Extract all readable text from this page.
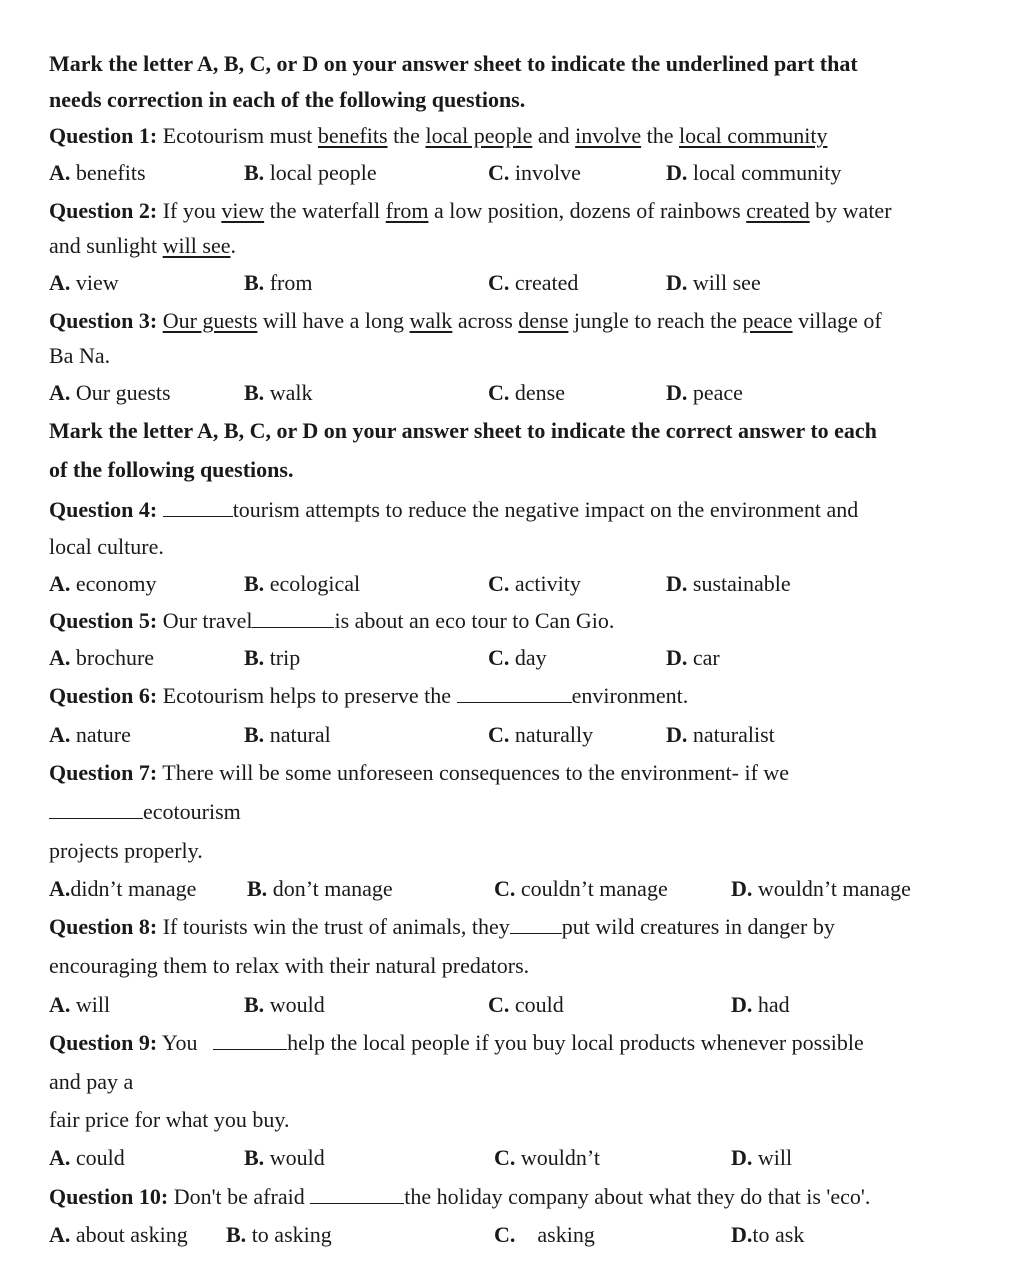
Mark the letter A, B, C, or D on your answer sheet to indicate the underlined part that
needs correction in each of the following questions.
Question 1: Ecotourism must benefits the local people and involve the local community
A. benefits	B. local people	C. involve	D. local community
Question 2: If you view the waterfall from a low position, dozens of rainbows created by water
and sunlight will see.
A. view	B. from	C. created	D. will see
Question 3: Our guests will have a long walk across dense jungle to reach the peace village of
Ba Na.
A. Our guests	B. walk	C. dense	D. peace
Mark the letter A, B, C, or D on your answer sheet to indicate the correct answer to each
of the following questions.
Question 4:	tourism attempts to reduce the negative impact on the environment and
local culture.
A. economy	B. ecological	C. activity	D. sustainable
Question 5: Our travel	is about an eco tour to Can Gio.
A. brochure	B. trip	C. day	D. car
Question 6: Ecotourism helps to preserve the	environment.
A. nature	B. natural	C. naturally	D. naturalist
Question 7: There will be some unforeseen consequences to the environment- if we
ecotourism
projects properly.
A.didn’t manage B. don’t manage	C. couldn’t manage	D. wouldn’t manage
Question 8: If tourists win the trust of animals, they put wild creatures in danger by
encouraging them to relax with their natural predators.
A. will	B. would	C. could	D. had
Question 9: You	help the local people if you buy local products whenever possible
and pay a
fair price for what you buy.
A. could	B. would	C. wouldn’t	D. will
Question 10: Don't be afraid	the holiday company about what they do that is 'eco'.
A. about asking B. to asking	C. asking	D.to ask
